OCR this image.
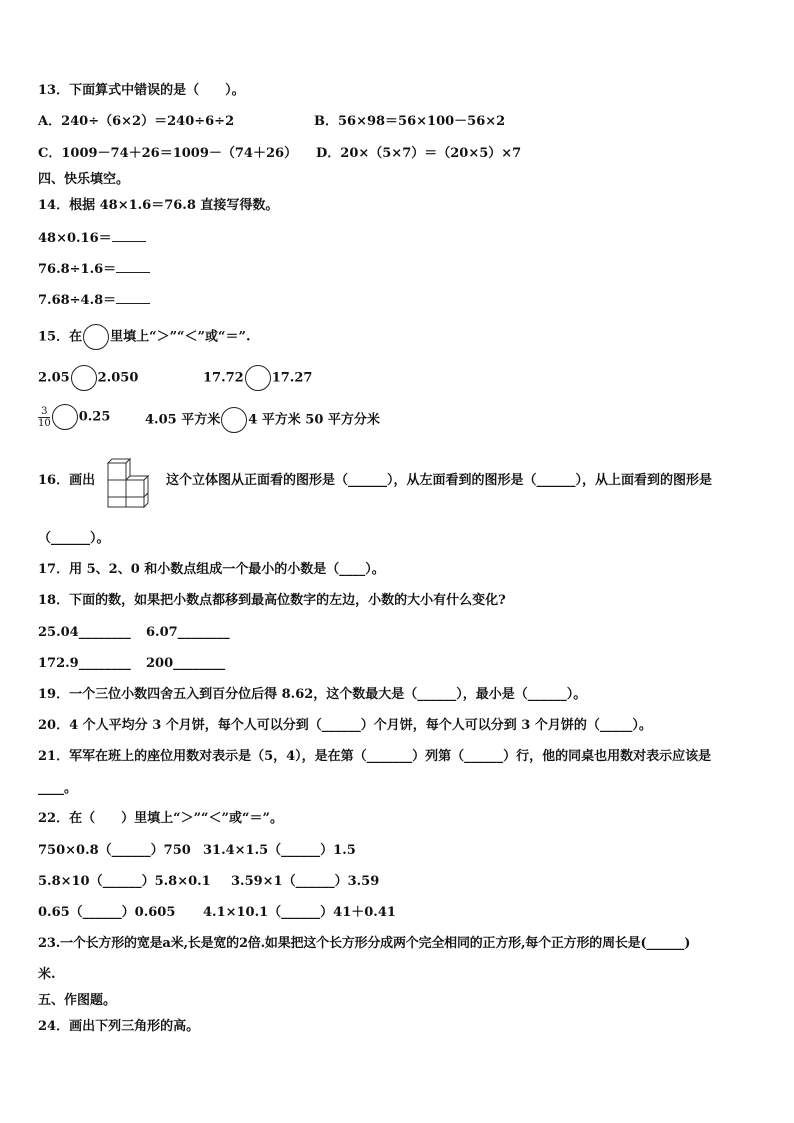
13．下面算式中错误的是（　　）。
A．240÷（6×2）＝240÷6÷2	B．56×98＝56×100－56×2
C．1009－74＋26＝1009－（74＋26） D．20×（5×7）＝（20×5）×7
四、快乐填空。
14．根据 48×1.6＝76.8 直接写得数。
48×0.16＝
76.8÷1.6＝
7.68÷4.8＝
15．在 里填上“＞”“＜”或“＝”.
2.05 2.050	17.72 17.27
$\frac{3}{10} 0.25$	4.05 平方米 4 平方米 50 平方分米
16．画出	这个立体图从正面看的图形是（______），从左面看到的图形是（______），从上面看到的图形是
（______）。
17．用 5、2、0 和小数点组成一个最小的小数是（____）。
18．下面的数，如果把小数点都移到最高位数字的左边，小数的大小有什么变化?
25.04________ 6.07________
172.9________ 200________
19．一个三位小数四舍五入到百分位后得 8.62，这个数最大是（______），最小是（______）。
20．4 个人平均分 3 个月饼，每个人可以分到（______）个月饼，每个人可以分到 3 个月饼的（_____）。
21．军军在班上的座位用数对表示是（5，4），是在第（_______）列第（______）行，他的同桌也用数对表示应该是
____。
22．在（　　）里填上“＞”“＜”或“＝”。
750×0.8（______）750 31.4×1.5（______）1.5
5.8×10（______）5.8×0.1 3.59×1（______）3.59
0.65（______）0.605 4.1×10.1（______）41＋0.41
23.一个长方形的宽是a米,长是宽的2倍.如果把这个长方形分成两个完全相同的正方形,每个正方形的周长是(______)
米.
五、作图题。
24．画出下列三角形的高。
